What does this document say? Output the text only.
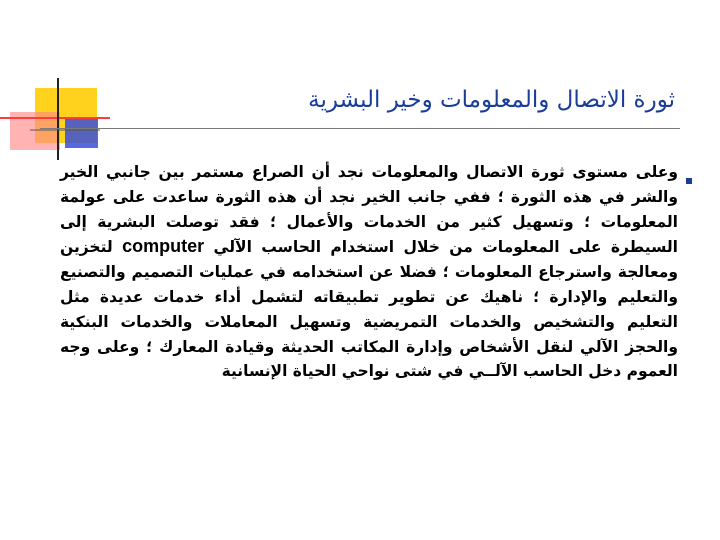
ثورة الاتصال والمعلومات وخير البشرية

وعلى مستوى ثورة الاتصال والمعلومات نجد أن الصراع مستمر بين جانبي الخير والشر في هذه الثورة ؛ ففي جانب الخير نجد أن هذه الثورة ساعدت على عولمة المعلومات ؛ وتسهيل كثير من الخدمات والأعمال ؛ فقد توصلت البشرية إلى السيطرة على المعلومات من خلال استخدام الحاسب الآلي computer لتخزين ومعالجة واسترجاع المعلومات ؛ فضلا عن استخدامه في عمليات التصميم والتصنيع والتعليم والإدارة ؛ ناهيك عن تطوير تطبيقاته لتشمل أداء خدمات عديدة مثل التعليم والتشخيص والخدمات التمريضية وتسهيل المعاملات والخدمات البنكية والحجز الآلي لنقل الأشخاص وإدارة المكاتب الحديثة وقيادة المعارك ؛ وعلى وجه العموم دخل الحاسب الآلــي في شتى نواحي الحياة الإنسانية
